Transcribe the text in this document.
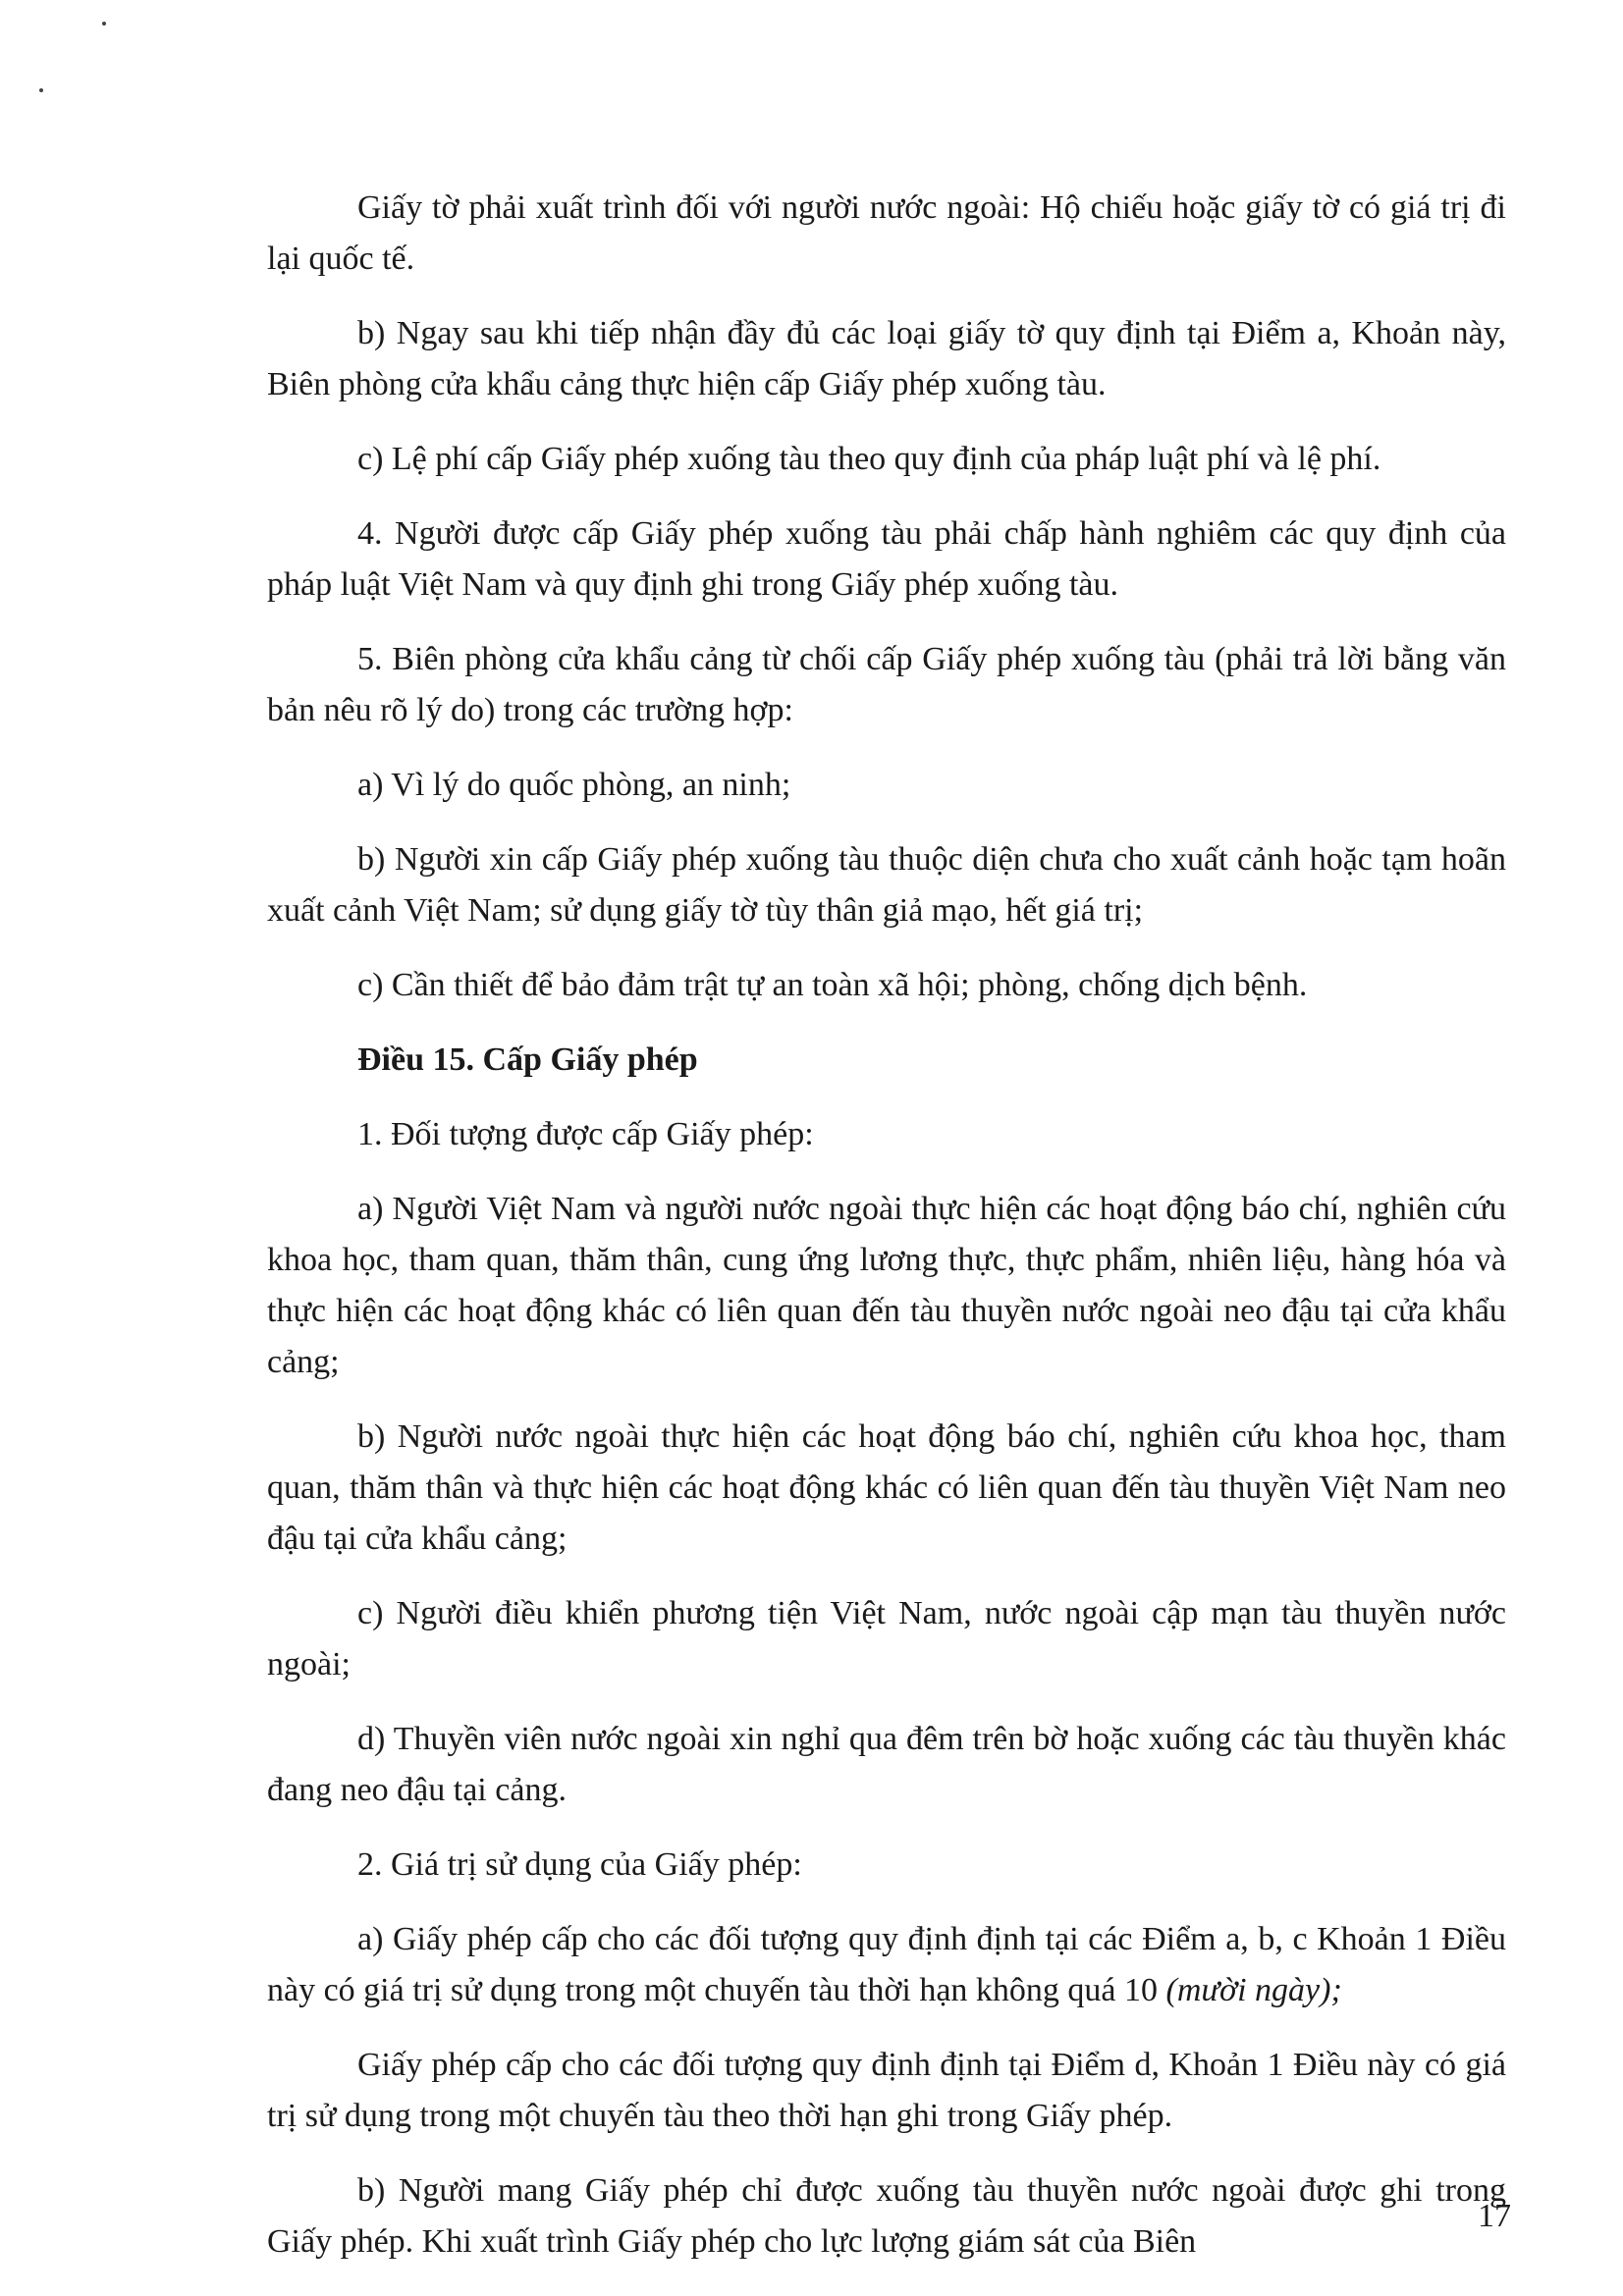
Giấy tờ phải xuất trình đối với người nước ngoài: Hộ chiếu hoặc giấy tờ có giá trị đi lại quốc tế.

b) Ngay sau khi tiếp nhận đầy đủ các loại giấy tờ quy định tại Điểm a, Khoản này, Biên phòng cửa khẩu cảng thực hiện cấp Giấy phép xuống tàu.

c) Lệ phí cấp Giấy phép xuống tàu theo quy định của pháp luật phí và lệ phí.

4. Người được cấp Giấy phép xuống tàu phải chấp hành nghiêm các quy định của pháp luật Việt Nam và quy định ghi trong Giấy phép xuống tàu.

5. Biên phòng cửa khẩu cảng từ chối cấp Giấy phép xuống tàu (phải trả lời bằng văn bản nêu rõ lý do) trong các trường hợp:

a) Vì lý do quốc phòng, an ninh;

b) Người xin cấp Giấy phép xuống tàu thuộc diện chưa cho xuất cảnh hoặc tạm hoãn xuất cảnh Việt Nam; sử dụng giấy tờ tùy thân giả mạo, hết giá trị;

c) Cần thiết để bảo đảm trật tự an toàn xã hội; phòng, chống dịch bệnh.

Điều 15. Cấp Giấy phép

1. Đối tượng được cấp Giấy phép:

a) Người Việt Nam và người nước ngoài thực hiện các hoạt động báo chí, nghiên cứu khoa học, tham quan, thăm thân, cung ứng lương thực, thực phẩm, nhiên liệu, hàng hóa và thực hiện các hoạt động khác có liên quan đến tàu thuyền nước ngoài neo đậu tại cửa khẩu cảng;

b) Người nước ngoài thực hiện các hoạt động báo chí, nghiên cứu khoa học, tham quan, thăm thân và thực hiện các hoạt động khác có liên quan đến tàu thuyền Việt Nam neo đậu tại cửa khẩu cảng;

c) Người điều khiển phương tiện Việt Nam, nước ngoài cập mạn tàu thuyền nước ngoài;

d) Thuyền viên nước ngoài xin nghỉ qua đêm trên bờ hoặc xuống các tàu thuyền khác đang neo đậu tại cảng.

2. Giá trị sử dụng của Giấy phép:

a) Giấy phép cấp cho các đối tượng quy định định tại các Điểm a, b, c Khoản 1 Điều này có giá trị sử dụng trong một chuyến tàu thời hạn không quá 10 (mười ngày);

Giấy phép cấp cho các đối tượng quy định định tại Điểm d, Khoản 1 Điều này có giá trị sử dụng trong một chuyến tàu theo thời hạn ghi trong Giấy phép.

b) Người mang Giấy phép chỉ được xuống tàu thuyền nước ngoài được ghi trong Giấy phép. Khi xuất trình Giấy phép cho lực lượng giám sát của Biên

17
